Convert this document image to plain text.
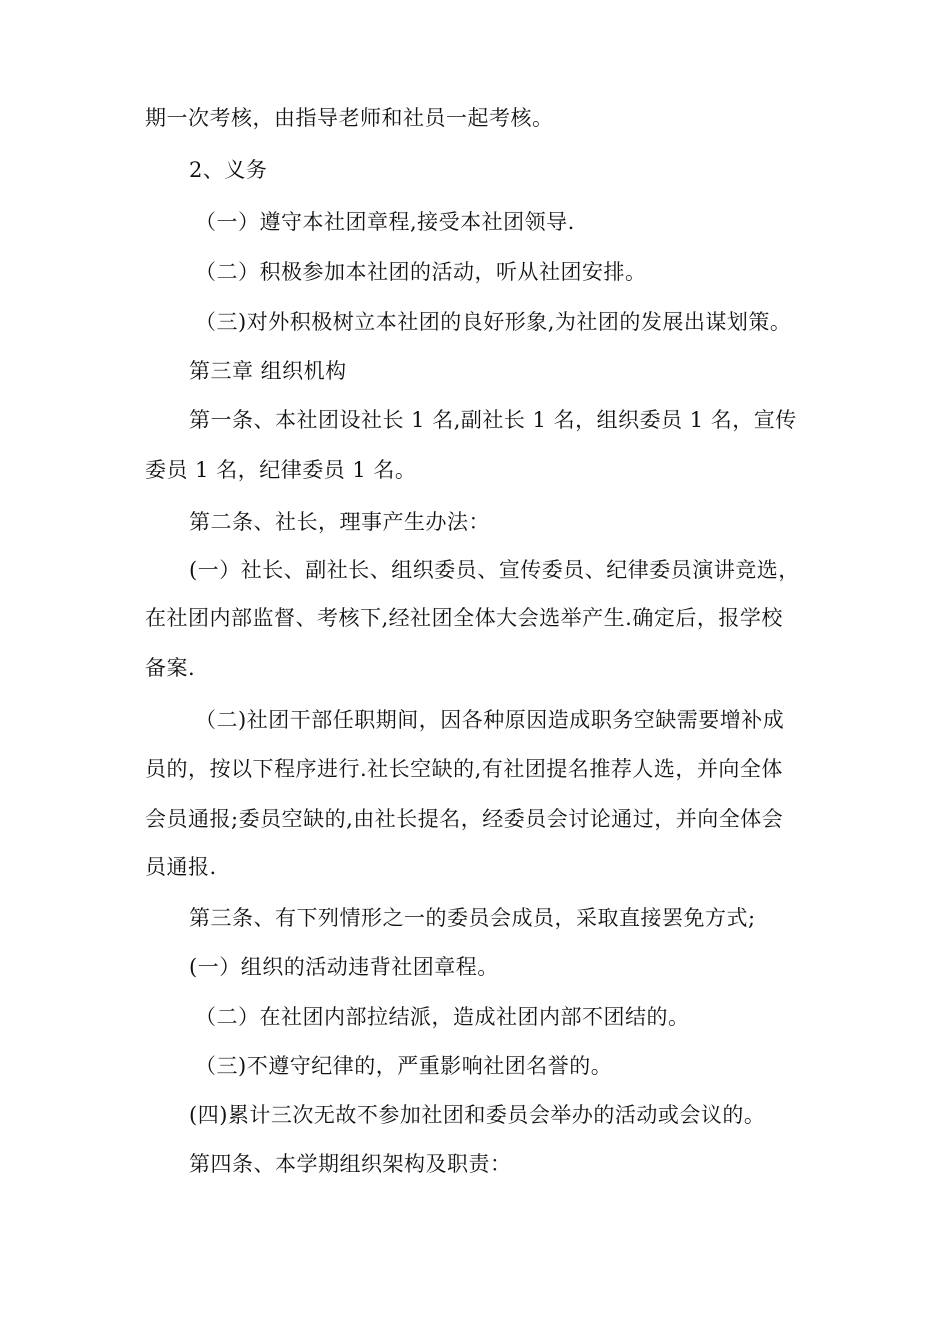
期一次考核，由指导老师和社员一起考核。
2、义务
（一）遵守本社团章程,接受本社团领导.
（二）积极参加本社团的活动，听从社团安排。
（三)对外积极树立本社团的良好形象,为社团的发展出谋划策。
第三章 组织机构
第一条、本社团设社长 1 名,副社长 1 名，组织委员 1 名，宣传
委员 1 名，纪律委员 1 名。
第二条、社长，理事产生办法：
(一）社长、副社长、组织委员、宣传委员、纪律委员演讲竞选，
在社团内部监督、考核下,经社团全体大会选举产生.确定后，报学校
备案.
（二)社团干部任职期间，因各种原因造成职务空缺需要增补成
员的，按以下程序进行.社长空缺的,有社团提名推荐人选，并向全体
会员通报;委员空缺的,由社长提名，经委员会讨论通过，并向全体会
员通报.
第三条、有下列情形之一的委员会成员，采取直接罢免方式;
(一）组织的活动违背社团章程。
（二）在社团内部拉结派，造成社团内部不团结的。
（三)不遵守纪律的，严重影响社团名誉的。
(四)累计三次无故不参加社团和委员会举办的活动或会议的。
第四条、本学期组织架构及职责：
